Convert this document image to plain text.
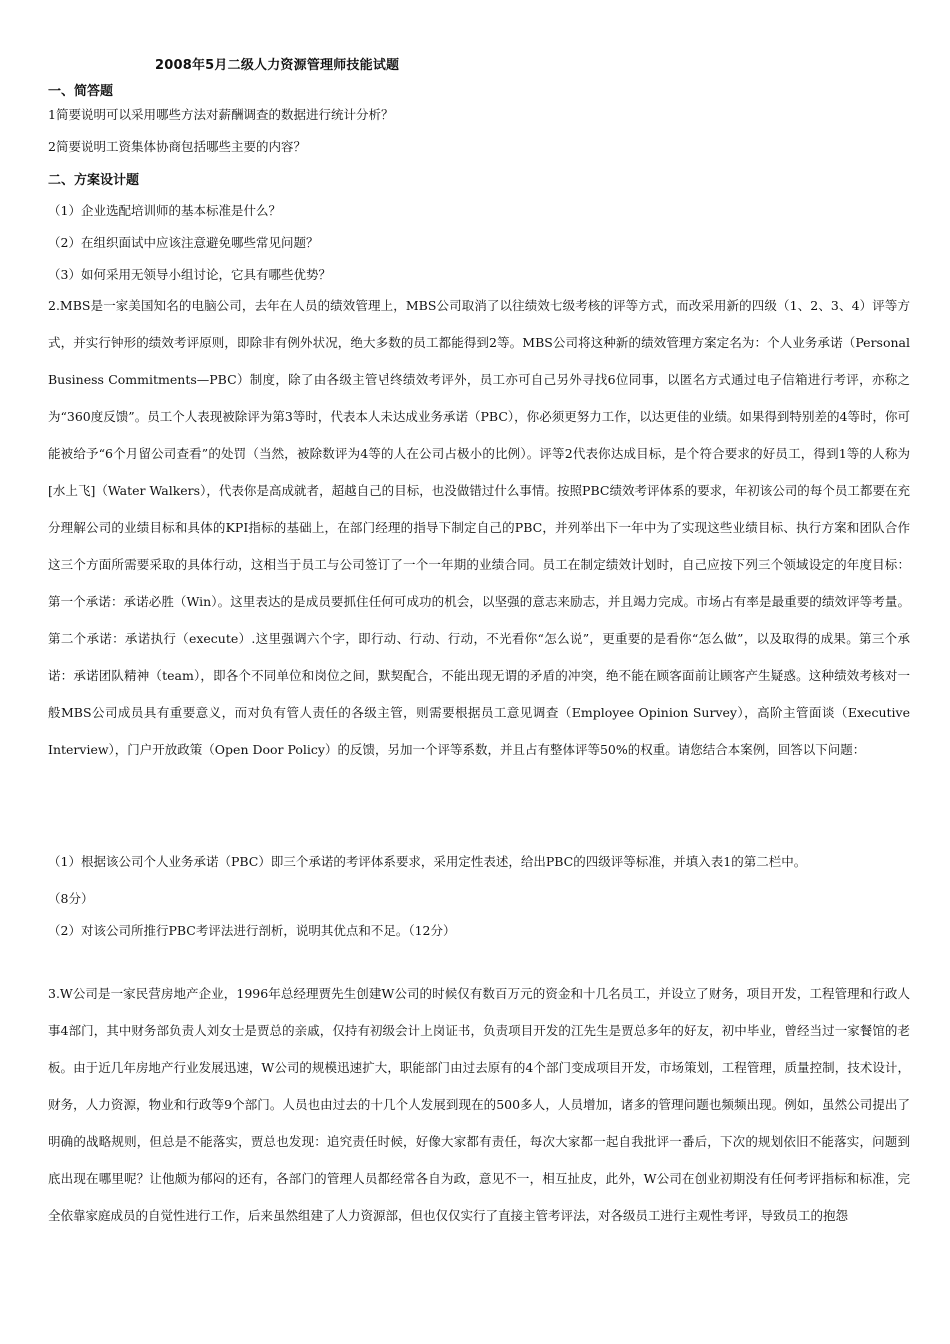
2008年5月二级人力资源管理师技能试题
一、简答题
1简要说明可以采用哪些方法对薪酬调查的数据进行统计分析？
2简要说明工资集体协商包括哪些主要的内容？
二、方案设计题
（1）企业选配培训师的基本标准是什么？
（2）在组织面试中应该注意避免哪些常见问题？
（3）如何采用无领导小组讨论，它具有哪些优势？

2.MBS是一家美国知名的电脑公司，去年在人员的绩效管理上，MBS公司取消了以往绩效七级考核的评等方式，而改采用新的四级（1、2、3、4）评等方式，并实行钟形的绩效考评原则，即除非有例外状况，绝大多数的员工都能得到2等。MBS公司将这种新的绩效管理方案定名为：个人业务承诺（Personal Business Commitments—PBC）制度，除了由各级主管년终绩效考评外，员工亦可自己另外寻找6位同事，以匿名方式通过电子信箱进行考评，亦称之为“360度反馈”。员工个人表现被除评为第3等时，代表本人未达成业务承诺（PBC），你必须更努力工作，以达更佳的业绩。如果得到特别差的4等时，你可能被给予“6个月留公司查看”的处罚（当然，被除数评为4等的人在公司占极小的比例）。评等2代表你达成目标，是个符合要求的好员工，得到1等的人称为[水上飞]（Water Walkers），代表你是高成就者，超越自己的目标，也没做错过什么事情。按照PBC绩效考评体系的要求，年初该公司的每个员工都要在充分理解公司的业绩目标和具体的KPI指标的基础上，在部门经理的指导下制定自己的PBC，并列举出下一年中为了实现这些业绩目标、执行方案和团队合作这三个方面所需要采取的具体行动，这相当于员工与公司签订了一个一年期的业绩合同。员工在制定绩效计划时，自己应按下列三个领域设定的年度目标：第一个承诺：承诺必胜（Win）。这里表达的是成员要抓住任何可成功的机会，以坚强的意志来励志，并且竭力完成。市场占有率是最重要的绩效评等考量。第二个承诺：承诺执行（execute）.这里强调六个字，即行动、行动、行动，不光看你“怎么说”，更重要的是看你“怎么做”，以及取得的成果。第三个承诺：承诺团队精神（team），即各个不同单位和岗位之间，默契配合，不能出现无谓的矛盾的冲突，绝不能在顾客面前让顾客产生疑惑。这种绩效考核对一般MBS公司成员具有重要意义，而对负有管人责任的各级主管，则需要根据员工意见调查（Employee Opinion Survey），高阶主管面谈（Executive Interview），门户开放政策（Open Door Policy）的反馈，另加一个评等系数，并且占有整体评等50%的权重。请您结合本案例，回答以下问题：

（1）根据该公司个人业务承诺（PBC）即三个承诺的考评体系要求，采用定性表述，给出PBC的四级评等标准，并填入表1的第二栏中。
（8分）
（2）对该公司所推行PBC考评法进行剖析，说明其优点和不足。（12分）

3.W公司是一家民营房地产企业，1996年总经理贾先生创建W公司的时候仅有数百万元的资金和十几名员工，并设立了财务，项目开发，工程管理和行政人事4部门，其中财务部负责人刘女士是贾总的亲戚，仅持有初级会计上岗证书，负责项目开发的江先生是贾总多年的好友，初中毕业，曾经当过一家餐馆的老板。由于近几年房地产行业发展迅速，W公司的规模迅速扩大，职能部门由过去原有的4个部门变成项目开发，市场策划，工程管理，质量控制，技术设计，财务，人力资源，物业和行政等9个部门。人员也由过去的十几个人发展到现在的500多人，人员增加，诸多的管理问题也频频出现。例如，虽然公司提出了明确的战略规则，但总是不能落实，贾总也发现：追究责任时候，好像大家都有责任，每次大家都一起自我批评一番后，下次的规划依旧不能落实，问题到底出现在哪里呢？让他颇为郁闷的还有，各部门的管理人员都经常各自为政，意见不一，相互扯皮，此外，W公司在创业初期没有任何考评指标和标准，完全依靠家庭成员的自觉性进行工作，后来虽然组建了人力资源部，但也仅仅实行了直接主管考评法，对各级员工进行主观性考评，导致员工的抱怨
